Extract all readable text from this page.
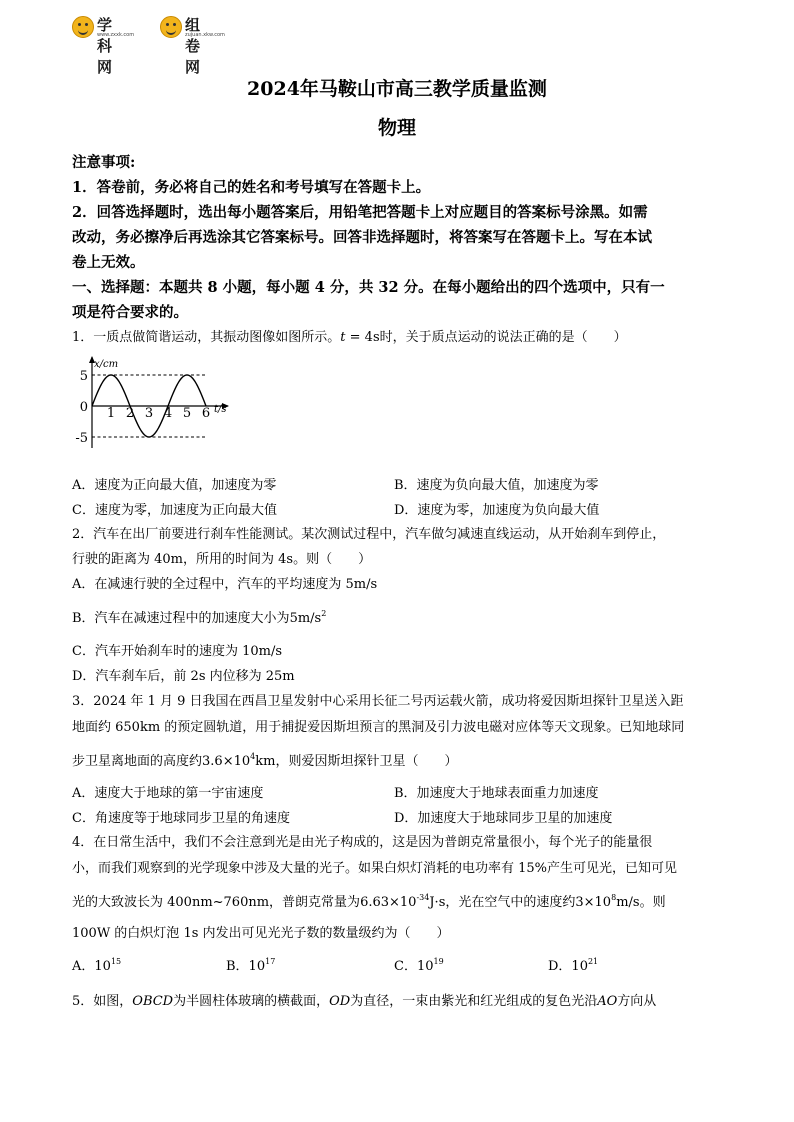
学科网
www.zxxk.com
组卷网
zujuan.xkw.com
2024年马鞍山市高三教学质量监测
物理
注意事项:
1．答卷前，务必将自己的姓名和考号填写在答题卡上。
2．回答选择题时，选出每小题答案后，用铅笔把答题卡上对应题目的答案标号涂黑。如需
改动，务必擦净后再选涂其它答案标号。回答非选择题时，将答案写在答题卡上。写在本试
卷上无效。
一、选择题：本题共 8 小题，每小题 4 分，共 32 分。在每小题给出的四个选项中，只有一
项是符合要求的。
1．一质点做简谐运动，其振动图像如图所示。t = 4s时，关于质点运动的说法正确的是（　　）
x/cm
t/s
5
0
-5
1 2 3 4 5 6
A．速度为正向最大值，加速度为零	B．速度为负向最大值，加速度为零
C．速度为零，加速度为正向最大值	D．速度为零，加速度为负向最大值
2．汽车在出厂前要进行刹车性能测试。某次测试过程中，汽车做匀减速直线运动，从开始刹车到停止，
行驶的距离为 40m，所用的时间为 4s。则（　　）
A．在减速行驶的全过程中，汽车的平均速度为 5m/s
B．汽车在减速过程中的加速度大小为$5m/s^2$
C．汽车开始刹车时的速度为 10m/s
D．汽车刹车后，前 2s 内位移为 25m
3．2024 年 1 月 9 日我国在西昌卫星发射中心采用长征二号丙运载火箭，成功将爱因斯坦探针卫星送入距
地面约 650km 的预定圆轨道，用于捕捉爱因斯坦预言的黑洞及引力波电磁对应体等天文现象。已知地球同
步卫星离地面的高度约$3.6\times 10^4km$，则爱因斯坦探针卫星（　　）
A．速度大于地球的第一宇宙速度	B．加速度大于地球表面重力加速度
C．角速度等于地球同步卫星的角速度	D．加速度大于地球同步卫星的加速度
4．在日常生活中，我们不会注意到光是由光子构成的，这是因为普朗克常量很小，每个光子的能量很
小，而我们观察到的光学现象中涉及大量的光子。如果白炽灯消耗的电功率有 15%产生可见光，已知可见
光的大致波长为 400nm~760nm，普朗克常量为$6.63\times 10^{-34}J\cdot s$，光在空气中的速度约$3\times 10^8m/s$。则
100W 的白炽灯泡 1s 内发出可见光光子数的数量级约为（　　）
A．$10^{15}$	B．$10^{17}$	C．$10^{19}$	D．$10^{21}$
5．如图，OBCD为半圆柱体玻璃的横截面，OD为直径，一束由紫光和红光组成的复色光沿AO方向从
